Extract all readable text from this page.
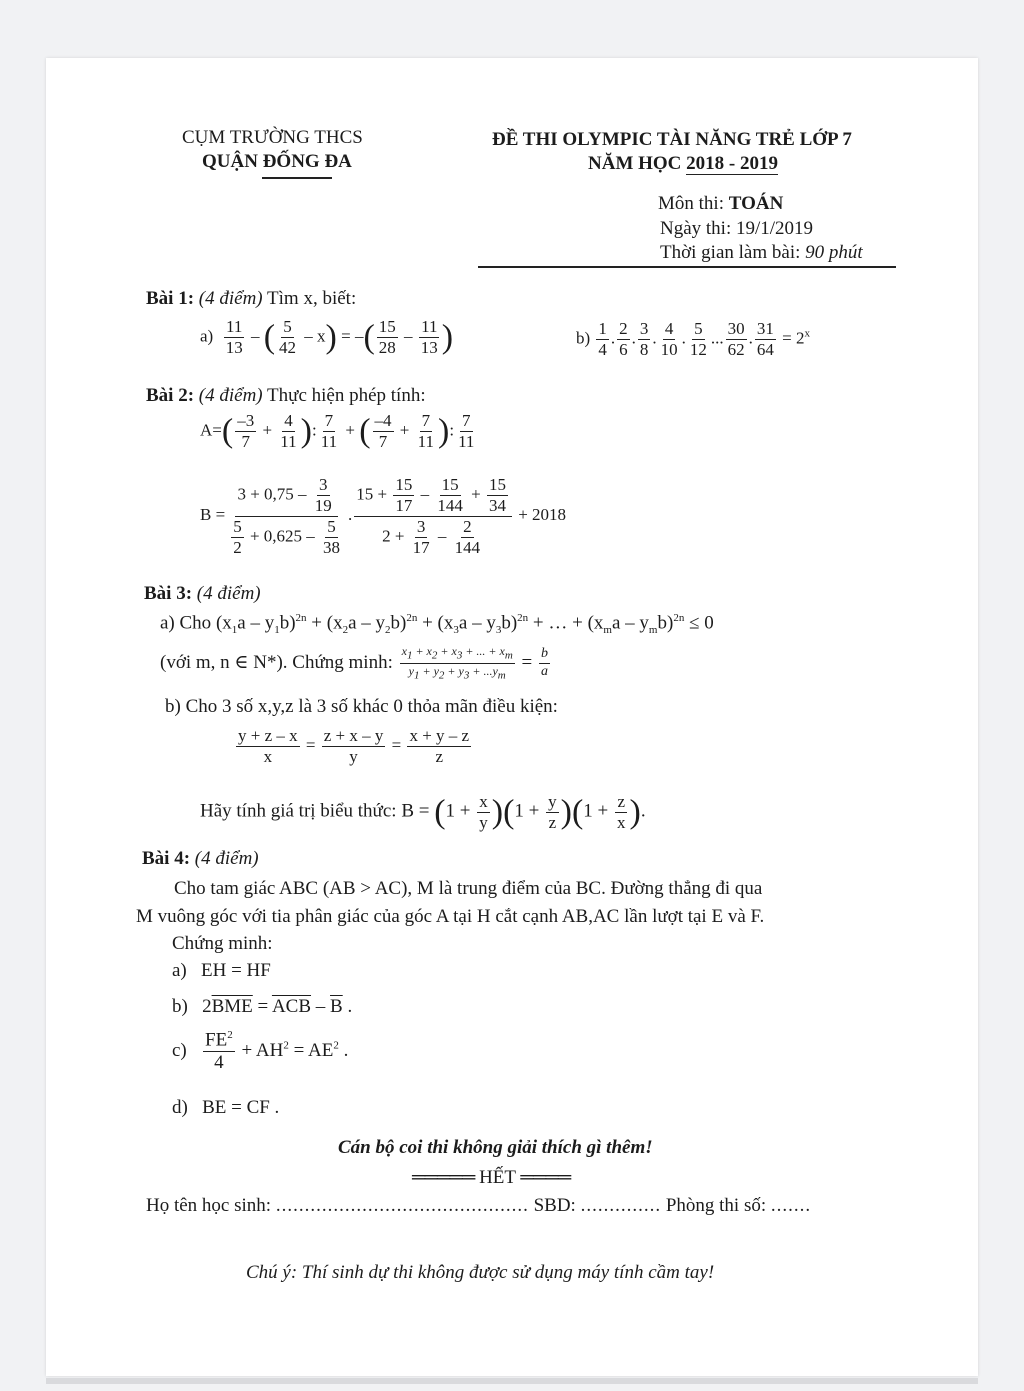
CỤM TRƯỜNG THCS
QUẬN ĐỐNG ĐA
ĐỀ THI OLYMPIC TÀI NĂNG TRẺ LỚP 7
NĂM HỌC 2018 - 2019
Môn thi: TOÁN
Ngày thi: 19/1/2019
Thời gian làm bài: 90 phút
Bài 1: (4 điểm) Tìm x, biết:
$a) \frac{11}{13}$ – ( $\frac{5}{42} - x$) = –( $\frac{15}{28} - \frac{11}{13}$ )	$b) \frac{1}{4}$ . $\frac{2}{6}$ . $\frac{3}{8}$ . $\frac{4}{10}$ . $\frac{5}{12}$ ... $\frac{30}{62}$ . $\frac{31}{64} = 2^x$
Bài 2: (4 điểm) Thực hiện phép tính:
$A=( \frac{-3}{7} + \frac{4}{11}$ ): $\frac{7}{11}$ + ( $\frac{-4}{7} + \frac{7}{11}$ ): $\frac{7}{11}$
$B = \frac{3 + 0,75 - \frac{3}{19}}{\frac{5}{2} + 0,625 - \frac{5}{38}}$ . $\frac{15 + \frac{15}{17} - \frac{15}{144} + \frac{15}{34}}{2 + \frac{3}{17} - \frac{2}{144}} + 2018$
Bài 3: (4 điểm)
a) Cho $(x_1a - y_1b)^{2n} + (x_2a - y_2b)^{2n} + (x_3a - y_3b)^{2n}$ + … + $(x_ma - y_mb)^{2n} \le 0$
(với m, n ∈ N*). Chứng minh: $\frac{x_1 + x_2 + x_3 + ... + x_m}{y_1 + y_2 + y_3 + ...y_m} = \frac{b}{a}$
b) Cho 3 số x,y,z là 3 số khác 0 thỏa mãn điều kiện:
$\frac{y + z - x}{x} = \frac{z + x - y}{y} = \frac{x + y - z}{z}$
Hãy tính giá trị biểu thức: $B = (1 + \frac{x}{y} )(1 + \frac{y}{z} )(1 + \frac{z}{x}$ ).
Bài 4: (4 điểm)
Cho tam giác ABC (AB > AC), M là trung điểm của BC. Đường thẳng đi qua
M vuông góc với tia phân giác của góc A tại H cắt cạnh AB,AC lần lượt tại E và F.
Chứng minh:
a) EH = HF
b)   $2\overline{BME} = \overline{ACB} - \overline{B}$ .
$c) \frac{FE^2}{4} + AH^2 = AE^2$ .
d) BE = CF .
Cán bộ coi thi không giải thích gì thêm!
═════ HẾT ════
Họ tên học sinh: ............................................ SBD: .............. Phòng thi số: .......
Chú ý: Thí sinh dự thi không được sử dụng máy tính cầm tay!
